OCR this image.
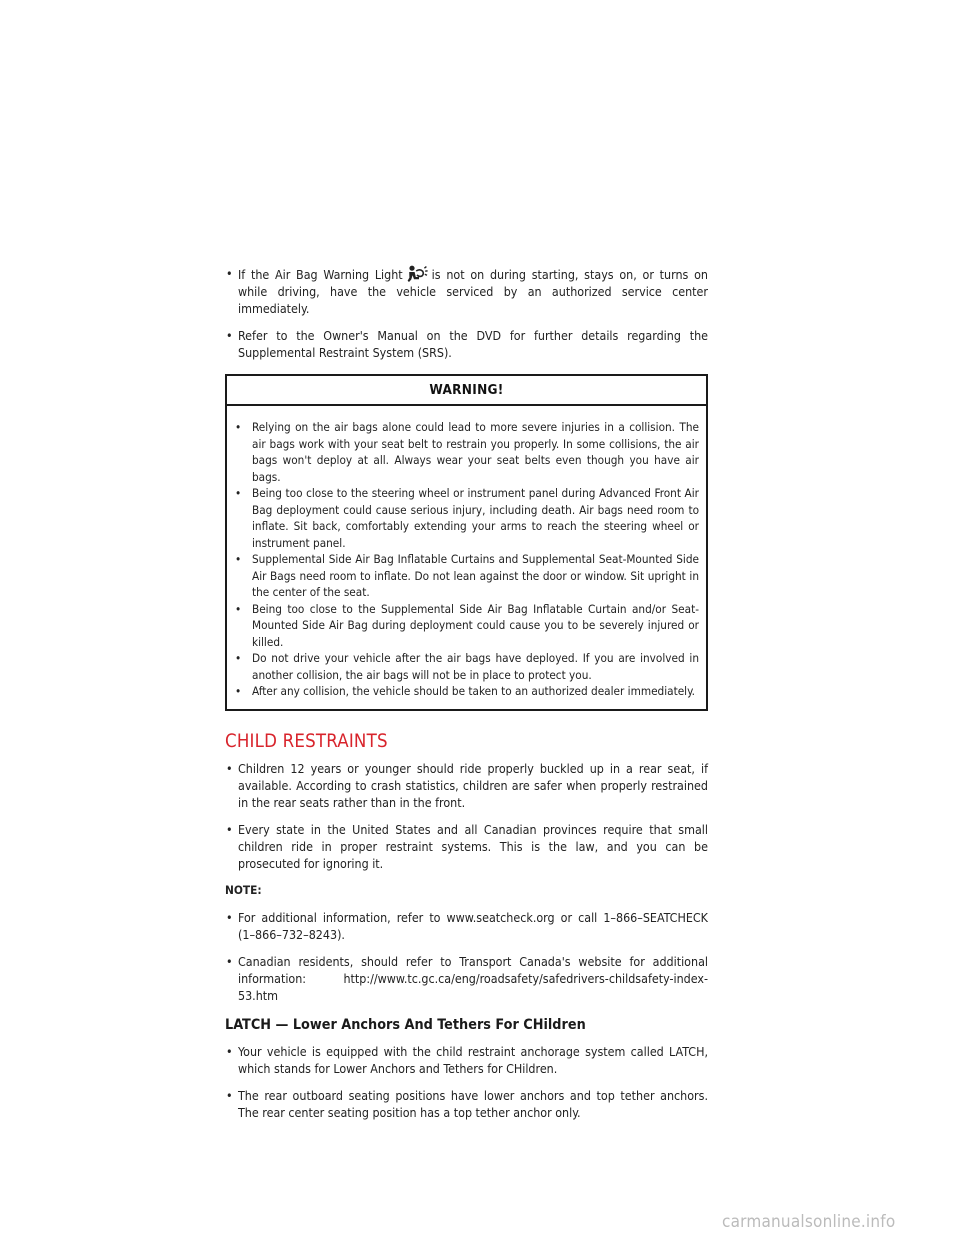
• If the Air Bag Warning Light is not on during starting, stays on, or turns on while driving, have the vehicle serviced by an authorized service center immediately.
• Refer to the Owner's Manual on the DVD for further details regarding the Supplemental Restraint System (SRS).
WARNING!
• Relying on the air bags alone could lead to more severe injuries in a collision. The air bags work with your seat belt to restrain you properly. In some collisions, the air bags won't deploy at all. Always wear your seat belts even though you have air bags.
• Being too close to the steering wheel or instrument panel during Advanced Front Air Bag deployment could cause serious injury, including death. Air bags need room to inflate. Sit back, comfortably extending your arms to reach the steering wheel or instrument panel.
• Supplemental Side Air Bag Inflatable Curtains and Supplemental Seat-Mounted Side Air Bags need room to inflate. Do not lean against the door or window. Sit upright in the center of the seat.
• Being too close to the Supplemental Side Air Bag Inflatable Curtain and/or Seat-Mounted Side Air Bag during deployment could cause you to be severely injured or killed.
• Do not drive your vehicle after the air bags have deployed. If you are involved in another collision, the air bags will not be in place to protect you.
• After any collision, the vehicle should be taken to an authorized dealer immediately.
CHILD RESTRAINTS
• Children 12 years or younger should ride properly buckled up in a rear seat, if available. According to crash statistics, children are safer when properly restrained in the rear seats rather than in the front.
• Every state in the United States and all Canadian provinces require that small children ride in proper restraint systems. This is the law, and you can be prosecuted for ignoring it.
NOTE:
• For additional information, refer to www.seatcheck.org or call 1–866–SEATCHECK (1–866–732–8243).
• Canadian residents, should refer to Transport Canada's website for additional information: http://www.tc.gc.ca/eng/roadsafety/safedrivers-childsafety-index-53.htm
LATCH — Lower Anchors And Tethers For CHildren
• Your vehicle is equipped with the child restraint anchorage system called LATCH, which stands for Lower Anchors and Tethers for CHildren.
• The rear outboard seating positions have lower anchors and top tether anchors. The rear center seating position has a top tether anchor only.
carmanualsonline.info
